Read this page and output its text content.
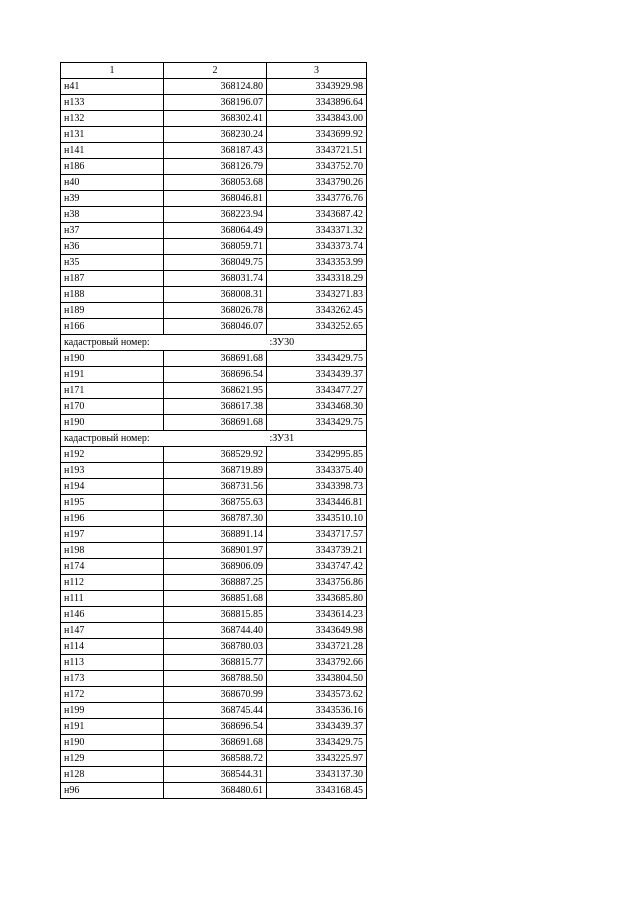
1	2	3
н41	368124.80	3343929.98
н133	368196.07	3343896.64
н132	368302.41	3343843.00
н131	368230.24	3343699.92
н141	368187.43	3343721.51
н186	368126.79	3343752.70
н40	368053.68	3343790.26
н39	368046.81	3343776.76
н38	368223.94	3343687.42
н37	368064.49	3343371.32
н36	368059.71	3343373.74
н35	368049.75	3343353.99
н187	368031.74	3343318.29
н188	368008.31	3343271.83
н189	368026.78	3343262.45
н166	368046.07	3343252.65
кадастровый номер:		:ЗУ30
н190	368691.68	3343429.75
н191	368696.54	3343439.37
н171	368621.95	3343477.27
н170	368617.38	3343468.30
н190	368691.68	3343429.75
кадастровый номер:		:ЗУ31
н192	368529.92	3342995.85
н193	368719.89	3343375.40
н194	368731.56	3343398.73
н195	368755.63	3343446.81
н196	368787.30	3343510.10
н197	368891.14	3343717.57
н198	368901.97	3343739.21
н174	368906.09	3343747.42
н112	368887.25	3343756.86
н111	368851.68	3343685.80
н146	368815.85	3343614.23
н147	368744.40	3343649.98
н114	368780.03	3343721.28
н113	368815.77	3343792.66
н173	368788.50	3343804.50
н172	368670.99	3343573.62
н199	368745.44	3343536.16
н191	368696.54	3343439.37
н190	368691.68	3343429.75
н129	368588.72	3343225.97
н128	368544.31	3343137.30
н96	368480.61	3343168.45
